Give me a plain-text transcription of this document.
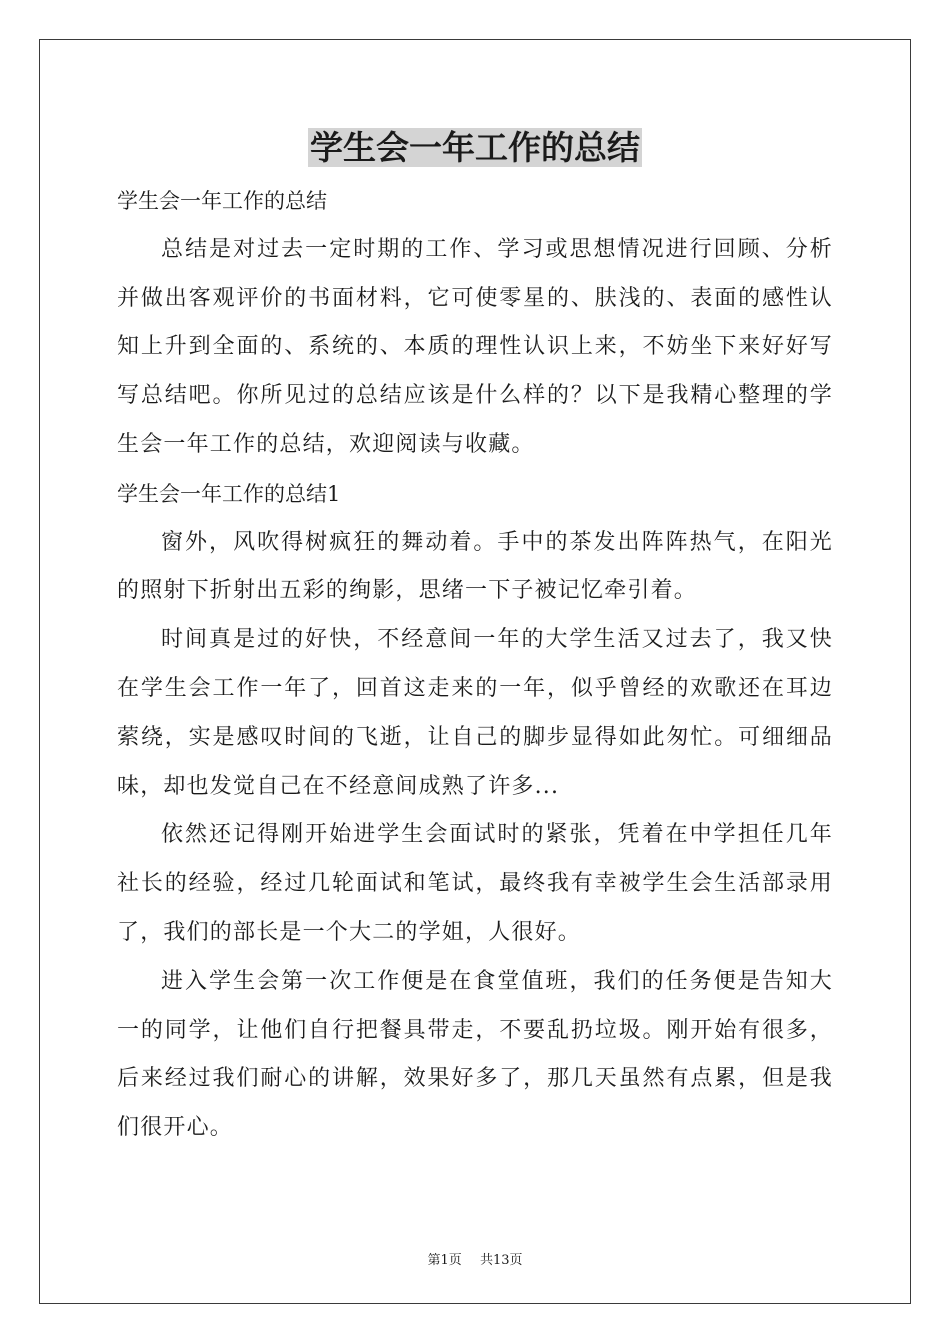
学生会一年工作的总结

学生会一年工作的总结

总结是对过去一定时期的工作、学习或思想情况进行回顾、分析并做出客观评价的书面材料，它可使零星的、肤浅的、表面的感性认知上升到全面的、系统的、本质的理性认识上来，不妨坐下来好好写写总结吧。你所见过的总结应该是什么样的？以下是我精心整理的学生会一年工作的总结，欢迎阅读与收藏。

学生会一年工作的总结1

窗外，风吹得树疯狂的舞动着。手中的茶发出阵阵热气，在阳光的照射下折射出五彩的绚影，思绪一下子被记忆牵引着。

时间真是过的好快，不经意间一年的大学生活又过去了，我又快在学生会工作一年了，回首这走来的一年，似乎曾经的欢歌还在耳边萦绕，实是感叹时间的飞逝，让自己的脚步显得如此匆忙。可细细品味，却也发觉自己在不经意间成熟了许多...

依然还记得刚开始进学生会面试时的紧张，凭着在中学担任几年社长的经验，经过几轮面试和笔试，最终我有幸被学生会生活部录用了，我们的部长是一个大二的学姐，人很好。

进入学生会第一次工作便是在食堂值班，我们的任务便是告知大一的同学，让他们自行把餐具带走，不要乱扔垃圾。刚开始有很多，后来经过我们耐心的讲解，效果好多了，那几天虽然有点累，但是我们很开心。

第1页 共13页
